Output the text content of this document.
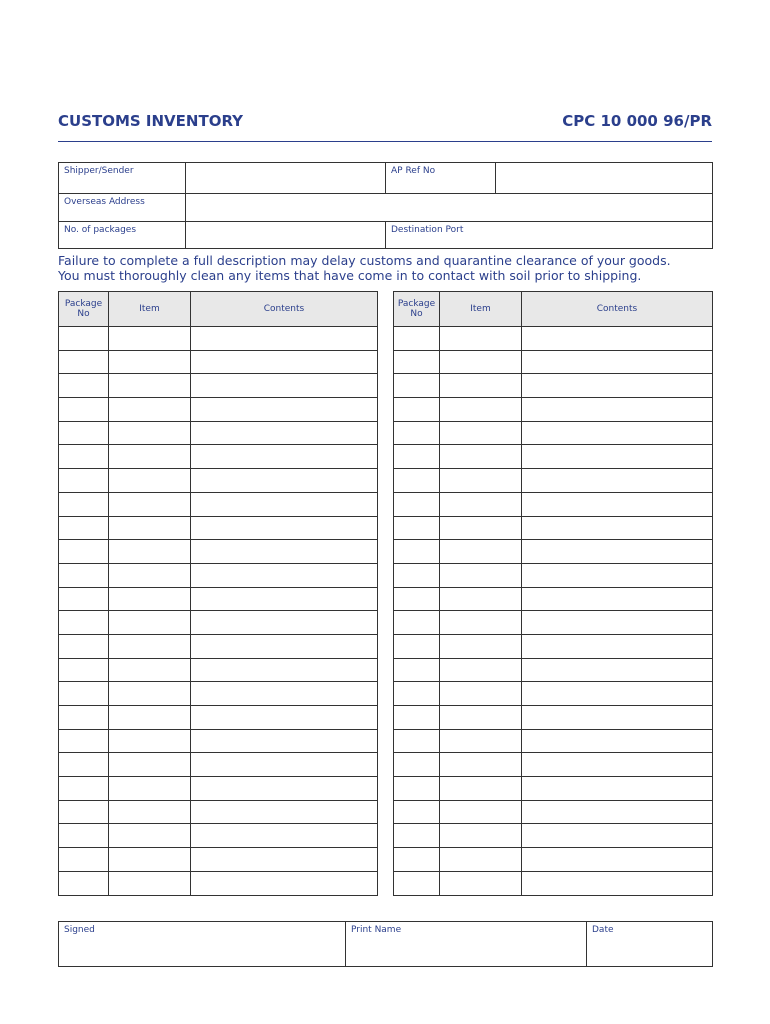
CUSTOMS INVENTORY	CPC 10 000 96/PR
Shipper/Sender		AP Ref No	
Overseas Address			
No. of packages		Destination Port	
Failure to complete a full description may delay customs and quarantine clearance of your goods.
You must thoroughly clean any items that have come in to contact with soil prior to shipping.
Package No	Item	Contents

			Package No	Item	Contents

Signed	Print Name	Date
